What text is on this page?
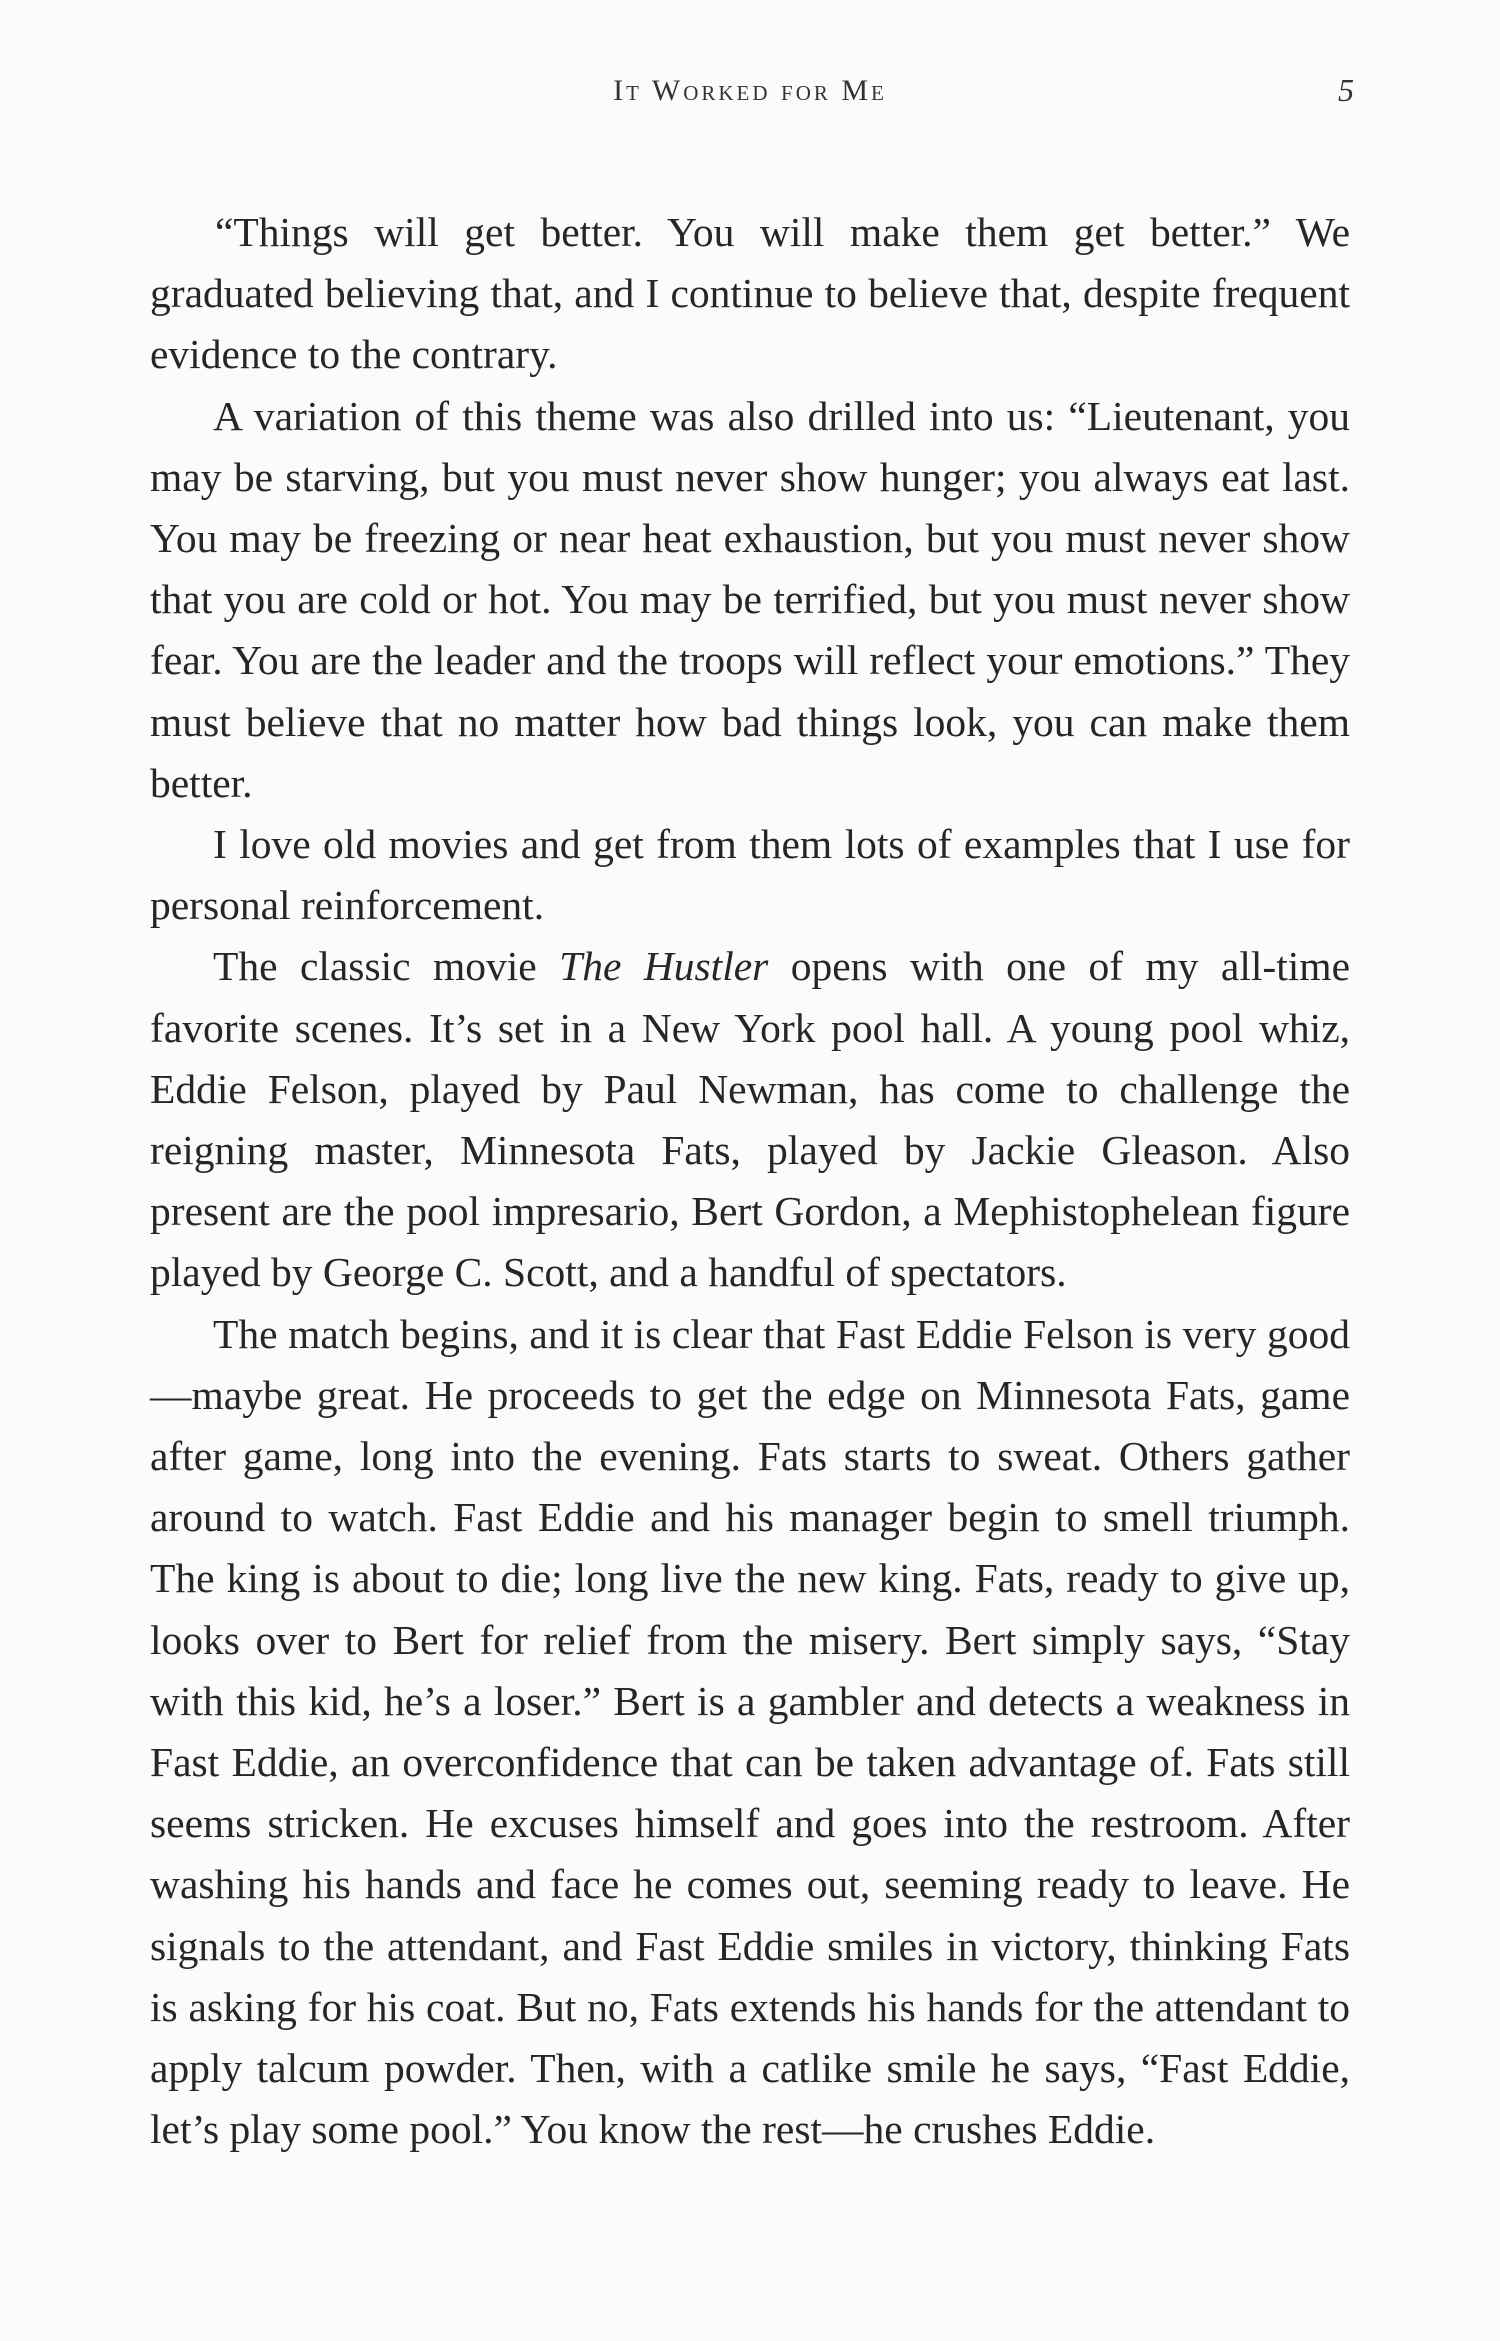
It Worked for Me	5

“Things will get better. You will make them get better.” We graduated believing that, and I continue to believe that, despite frequent evidence to the contrary.

A variation of this theme was also drilled into us: “Lieutenant, you may be starving, but you must never show hunger; you always eat last. You may be freezing or near heat exhaustion, but you must never show that you are cold or hot. You may be terrified, but you must never show fear. You are the leader and the troops will reflect your emotions.” They must believe that no matter how bad things look, you can make them better.

I love old movies and get from them lots of examples that I use for personal reinforcement.

The classic movie The Hustler opens with one of my all-time favorite scenes. It’s set in a New York pool hall. A young pool whiz, Eddie Felson, played by Paul Newman, has come to challenge the reigning master, Minnesota Fats, played by Jackie Gleason. Also present are the pool impresario, Bert Gordon, a Mephistophelean figure played by George C. Scott, and a handful of spectators.

The match begins, and it is clear that Fast Eddie Felson is very good—maybe great. He proceeds to get the edge on Minnesota Fats, game after game, long into the evening. Fats starts to sweat. Others gather around to watch. Fast Eddie and his manager begin to smell triumph. The king is about to die; long live the new king. Fats, ready to give up, looks over to Bert for relief from the misery. Bert simply says, “Stay with this kid, he’s a loser.” Bert is a gambler and detects a weakness in Fast Eddie, an overconfidence that can be taken advantage of. Fats still seems stricken. He excuses himself and goes into the restroom. After washing his hands and face he comes out, seeming ready to leave. He signals to the attendant, and Fast Eddie smiles in victory, thinking Fats is asking for his coat. But no, Fats extends his hands for the attendant to apply talcum powder. Then, with a catlike smile he says, “Fast Eddie, let’s play some pool.” You know the rest—he crushes Eddie.
